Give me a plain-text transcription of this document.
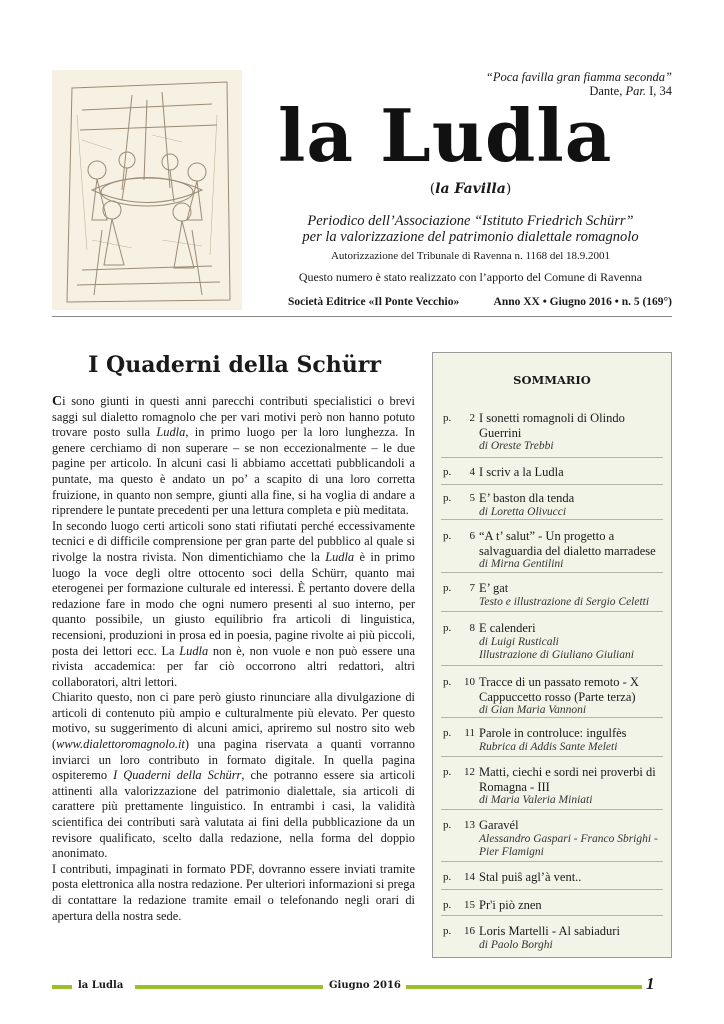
“Poca favilla gran fiamma seconda”
Dante, Par. I, 34
la Ludla
(la Favilla)
Periodico dell’Associazione “Istituto Friedrich Schürr”
per la valorizzazione del patrimonio dialettale romagnolo
Autorizzazione del Tribunale di Ravenna n. 1168 del 18.9.2001
Questo numero è stato realizzato con l’apporto del Comune di Ravenna
Società Editrice «Il Ponte Vecchio»	Anno XX • Giugno 2016 • n. 5 (169°)
I Quaderni della Schürr

Ci sono giunti in questi anni parecchi contributi specialistici o brevi saggi sul dialetto romagnolo che per vari motivi però non hanno potuto trovare posto sulla Ludla, in primo luogo per la loro lunghezza. In genere cerchiamo di non superare – se non eccezionalmente – le due pagine per articolo. In alcuni casi li abbiamo accettati pubblicandoli a puntate, ma questo è andato un po’ a scapito di una loro corretta fruizione, in quanto non sempre, giunti alla fine, si ha voglia di andare a riprendere le puntate precedenti per una lettura completa e più meditata.

In secondo luogo certi articoli sono stati rifiutati perché eccessivamente tecnici e di difficile comprensione per gran parte del pubblico al quale si rivolge la nostra rivista. Non dimentichiamo che la Ludla è in primo luogo la voce degli oltre ottocento soci della Schürr, quanto mai eterogenei per formazione culturale ed interessi. È pertanto dovere della redazione fare in modo che ogni numero presenti al suo interno, per quanto possibile, un giusto equilibrio fra articoli di linguistica, recensioni, produzioni in prosa ed in poesia, pagine rivolte ai più piccoli, posta dei lettori ecc. La Ludla non è, non vuole e non può essere una rivista accademica: per far ciò occorrono altri redattori, altri collaboratori, altri lettori.

Chiarito questo, non ci pare però giusto rinunciare alla divulgazione di articoli di contenuto più ampio e culturalmente più elevato. Per questo motivo, su suggerimento di alcuni amici, apriremo sul nostro sito web (www.dialettoromagnolo.it) una pagina riservata a quanti vorranno inviarci un loro contributo in formato digitale. In quella pagina ospiteremo I Quaderni della Schürr, che potranno essere sia articoli attinenti alla valorizzazione del patrimonio dialettale, sia articoli di carattere più prettamente linguistico. In entrambi i casi, la validità scientifica dei contributi sarà valutata ai fini della pubblicazione da un revisore qualificato, scelto dalla redazione, nella forma del doppio anonimato.

I contributi, impaginati in formato PDF, dovranno essere inviati tramite posta elettronica alla nostra redazione. Per ulteriori informazioni si prega di contattare la redazione tramite email o telefonando negli orari di apertura della nostra sede.

SOMMARIO
p.	2 I sonetti romagnoli di Olindo Guerrini
di Oreste Trebbi
p.	4 I scriv a la Ludla
p.	5 E’ baston dla tenda
di Loretta Olivucci
p.	6 “A t’ salut” - Un progetto a salvaguardia del dialetto marradese
di Mirna Gentilini
p.	7 E’ gat
Testo e illustrazione di Sergio Celetti
p.	8 E calenderi
di Luigi Rusticali
Illustrazione di Giuliano Giuliani
p. 10 Tracce di un passato remoto - X Cappuccetto rosso (Parte terza)
di Gian Maria Vannoni
p.	11 Parole in controluce: ingulfès
Rubrica di Addis Sante Meleti
p. 12 Matti, ciechi e sordi nei proverbi di Romagna - III
di Maria Valeria Miniati
p. 13 Garavél
Alessandro Gaspari - Franco Sbrighi - Pier Flamigni
p. 14 Stal puiŝ agl’à vent..
p. 15 Pr'i piò znen
p. 16 Loris Martelli - Al sabiaduri
di Paolo Borghi
la Ludla	Giugno 2016	1
